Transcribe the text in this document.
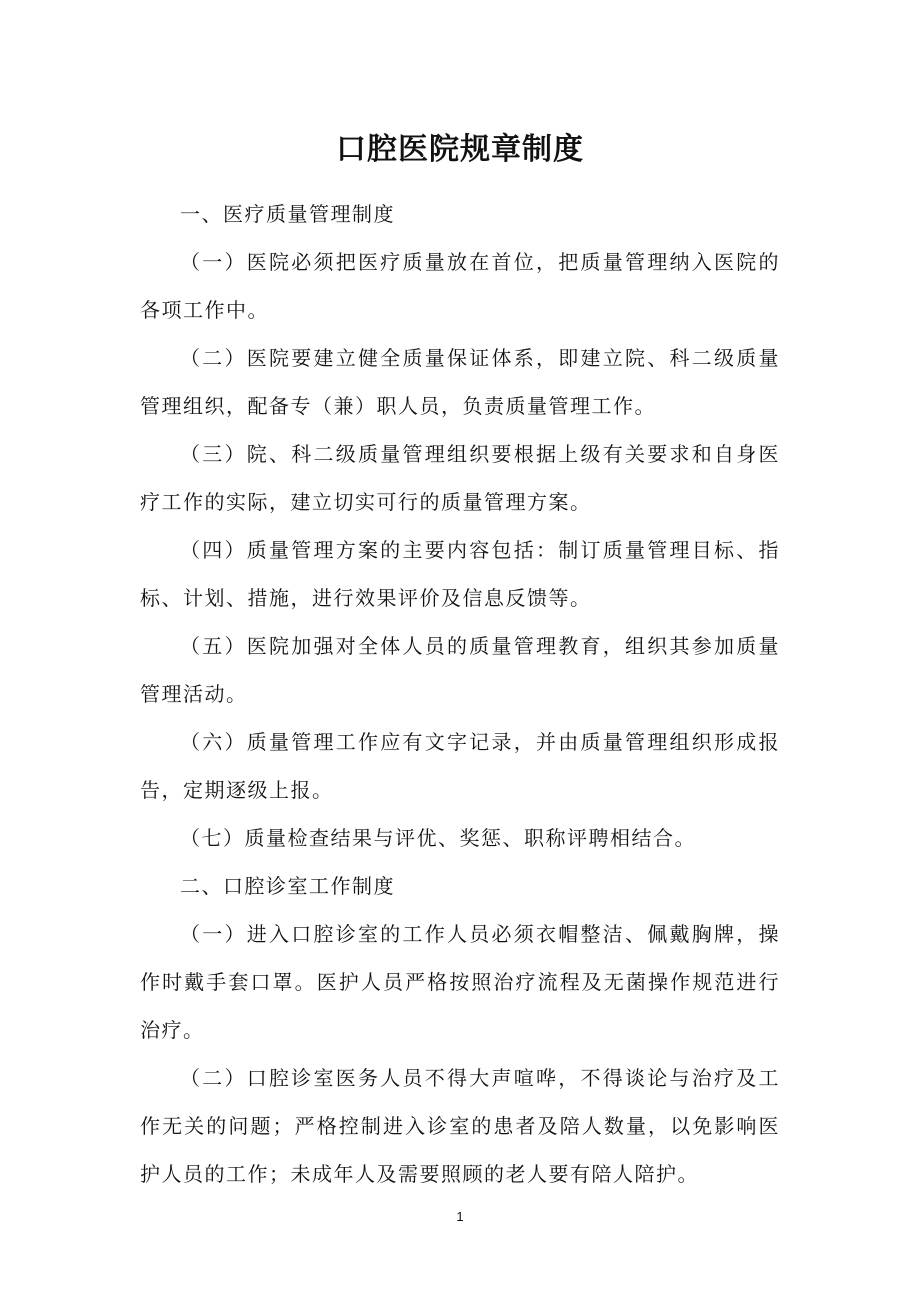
口腔医院规章制度

一、医疗质量管理制度

（一）医院必须把医疗质量放在首位，把质量管理纳入医院的各项工作中。

（二）医院要建立健全质量保证体系，即建立院、科二级质量管理组织，配备专（兼）职人员，负责质量管理工作。

（三）院、科二级质量管理组织要根据上级有关要求和自身医疗工作的实际，建立切实可行的质量管理方案。

（四）质量管理方案的主要内容包括：制订质量管理目标、指标、计划、措施，进行效果评价及信息反馈等。

（五）医院加强对全体人员的质量管理教育，组织其参加质量管理活动。

（六）质量管理工作应有文字记录，并由质量管理组织形成报告，定期逐级上报。

（七）质量检查结果与评优、奖惩、职称评聘相结合。

二、口腔诊室工作制度

（一）进入口腔诊室的工作人员必须衣帽整洁、佩戴胸牌，操作时戴手套口罩。医护人员严格按照治疗流程及无菌操作规范进行治疗。

（二）口腔诊室医务人员不得大声喧哗，不得谈论与治疗及工作无关的问题；严格控制进入诊室的患者及陪人数量，以免影响医护人员的工作；未成年人及需要照顾的老人要有陪人陪护。

1
